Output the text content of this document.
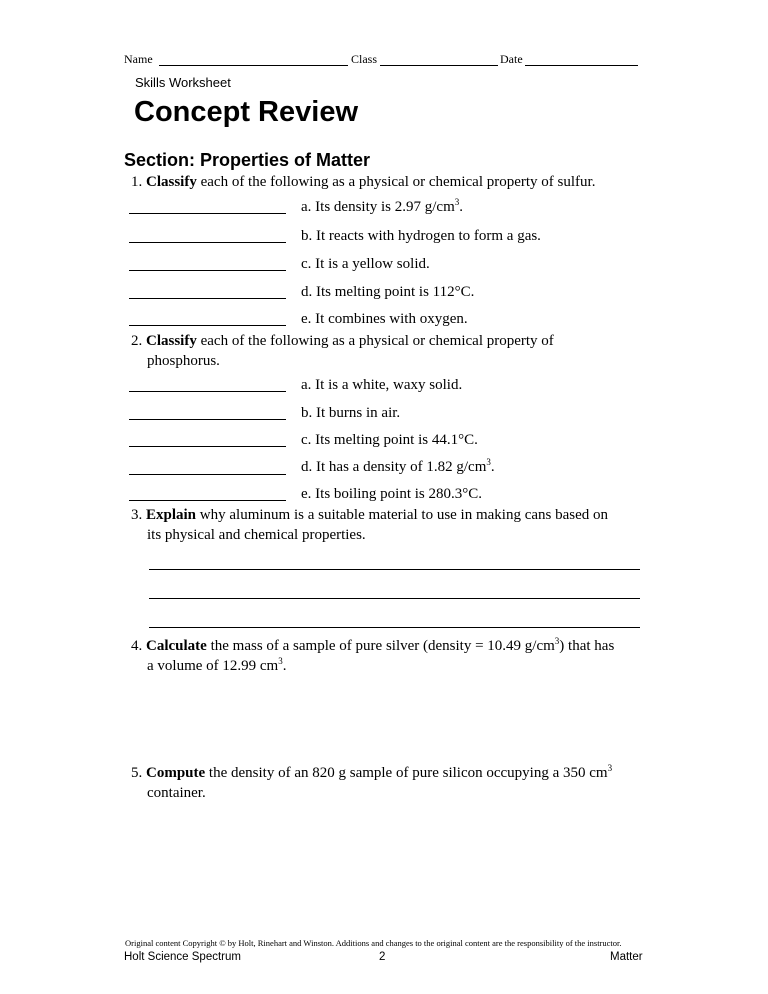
Name	Class	Date
Skills Worksheet
Concept Review
Section: Properties of Matter
1. Classify each of the following as a physical or chemical property of sulfur.
a. Its density is 2.97 $g/cm^3$.
b. It reacts with hydrogen to form a gas.
c. It is a yellow solid.
d. Its melting point is 112°C.
e. It combines with oxygen.
2. Classify each of the following as a physical or chemical property of
phosphorus.
a. It is a white, waxy solid.
b. It burns in air.
c. Its melting point is 44.1°C.
d. It has a density of 1.82 $g/cm^3$.
e. Its boiling point is 280.3°C.
3. Explain why aluminum is a suitable material to use in making cans based on
its physical and chemical properties.
4. Calculate the mass of a sample of pure silver (density = 10.49 $g/cm^3$) that has
a volume of 12.99 $cm^3$.
5. Compute the density of an 820 g sample of pure silicon occupying a 350 $cm^3$
container.
Original content Copyright © by Holt, Rinehart and Winston. Additions and changes to the original content are the responsibility of the instructor.
Holt Science Spectrum	2	Matter
